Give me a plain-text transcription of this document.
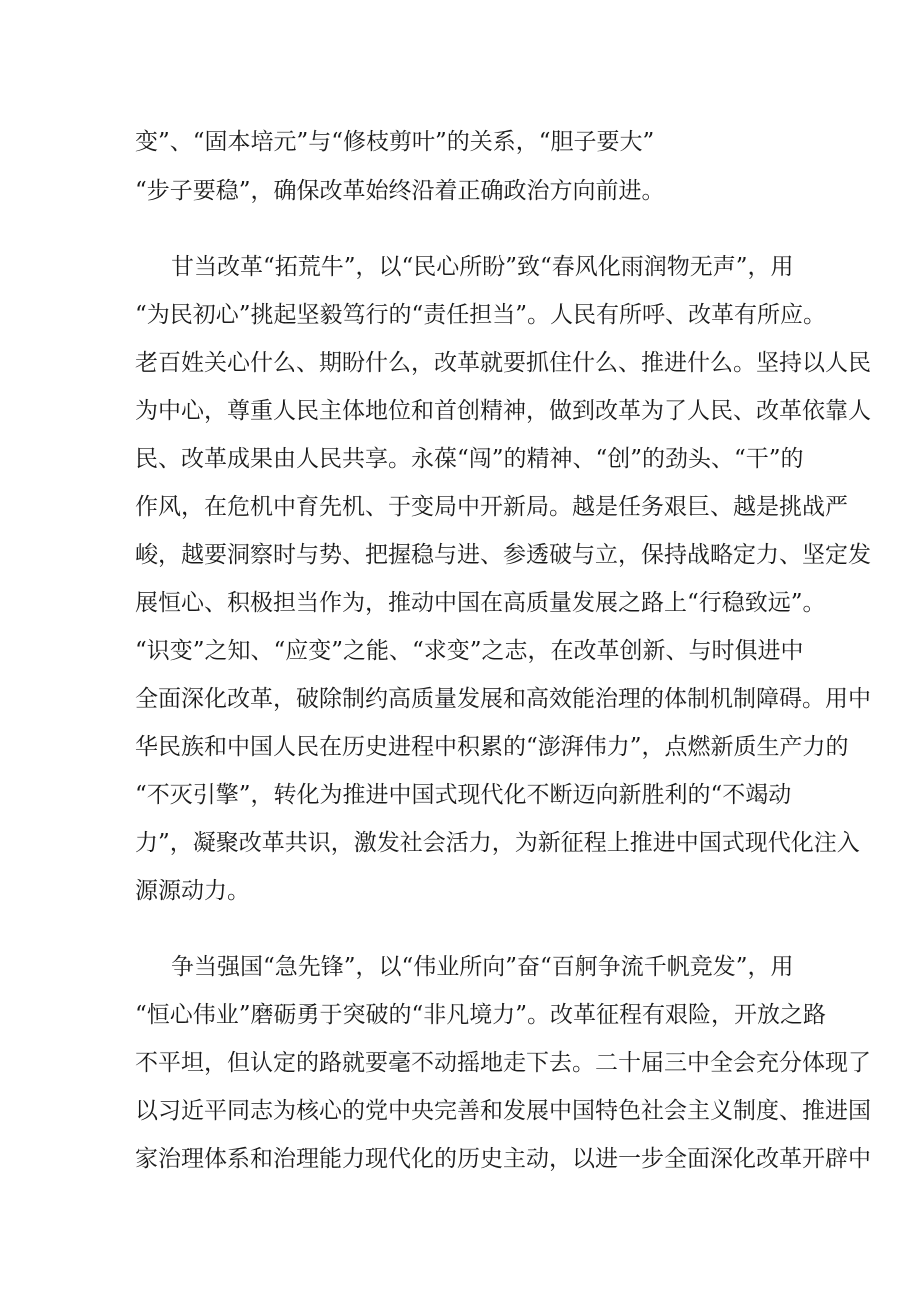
变”、“固本培元”与“修枝剪叶”的关系，“胆子要大”
“步子要稳”，确保改革始终沿着正确政治方向前进。
甘当改革“拓荒牛”，以“民心所盼”致“春风化雨润物无声”，用
“为民初心”挑起坚毅笃行的“责任担当”。人民有所呼、改革有所应。
老百姓关心什么、期盼什么，改革就要抓住什么、推进什么。坚持以人民
为中心，尊重人民主体地位和首创精神，做到改革为了人民、改革依靠人
民、改革成果由人民共享。永葆“闯”的精神、“创”的劲头、“干”的
作风，在危机中育先机、于变局中开新局。越是任务艰巨、越是挑战严
峻，越要洞察时与势、把握稳与进、参透破与立，保持战略定力、坚定发
展恒心、积极担当作为，推动中国在高质量发展之路上“行稳致远”。
“识变”之知、“应变”之能、“求变”之志，在改革创新、与时俱进中
全面深化改革，破除制约高质量发展和高效能治理的体制机制障碍。用中
华民族和中国人民在历史进程中积累的“澎湃伟力”，点燃新质生产力的
“不灭引擎”，转化为推进中国式现代化不断迈向新胜利的“不竭动
力”，凝聚改革共识，激发社会活力，为新征程上推进中国式现代化注入
源源动力。
争当强国“急先锋”，以“伟业所向”奋“百舸争流千帆竞发”，用
“恒心伟业”磨砺勇于突破的“非凡境力”。改革征程有艰险，开放之路
不平坦，但认定的路就要毫不动摇地走下去。二十届三中全会充分体现了
以习近平同志为核心的党中央完善和发展中国特色社会主义制度、推进国
家治理体系和治理能力现代化的历史主动，以进一步全面深化改革开辟中
